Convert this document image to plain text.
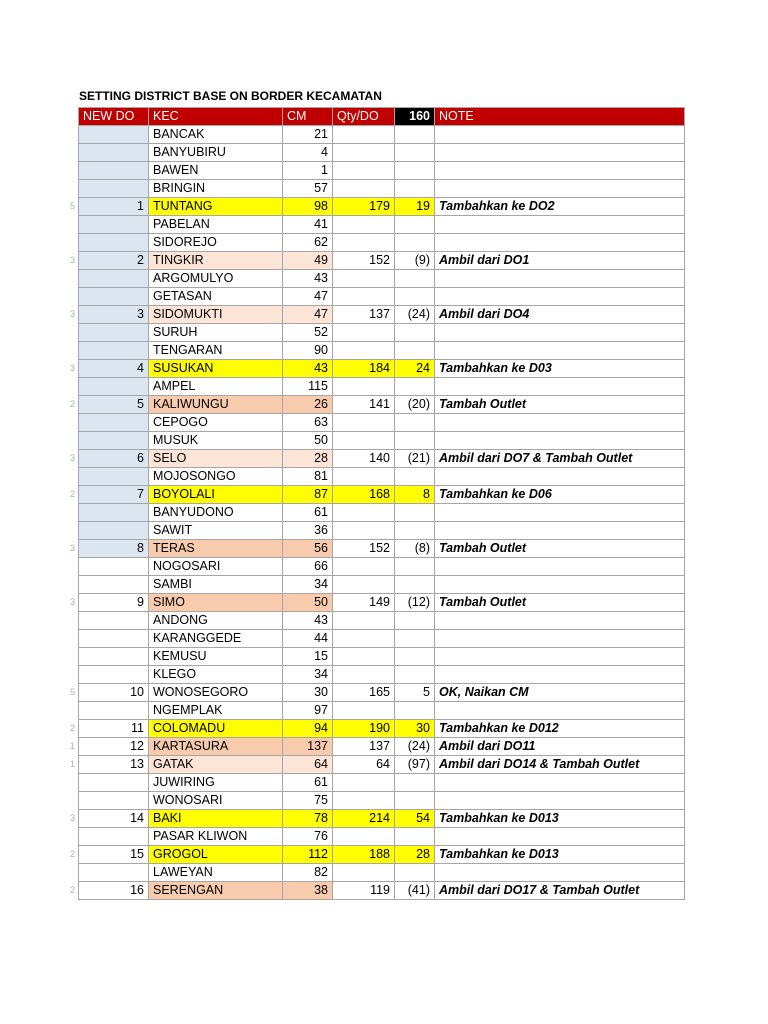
SETTING DISTRICT BASE ON BORDER KECAMATAN
NEW DO	KEC	CM	Qty/DO	160	NOTE
	BANCAK	21			
	BANYUBIRU	4			
	BAWEN	1			
	BRINGIN	57			
1	TUNTANG	98	179	19	Tambahkan ke DO2
	PABELAN	41			
	SIDOREJO	62			
2	TINGKIR	49	152	(9)	Ambil dari DO1
	ARGOMULYO	43			
	GETASAN	47			
3	SIDOMUKTI	47	137	(24)	Ambil dari DO4
	SURUH	52			
	TENGARAN	90			
4	SUSUKAN	43	184	24	Tambahkan ke D03
	AMPEL	115			
5	KALIWUNGU	26	141	(20)	Tambah Outlet
	CEPOGO	63			
	MUSUK	50			
6	SELO	28	140	(21)	Ambil dari DO7 & Tambah Outlet
	MOJOSONGO	81			
7	BOYOLALI	87	168	8	Tambahkan ke D06
	BANYUDONO	61			
	SAWIT	36			
8	TERAS	56	152	(8)	Tambah Outlet
	NOGOSARI	66			
	SAMBI	34			
9	SIMO	50	149	(12)	Tambah Outlet
	ANDONG	43			
	KARANGGEDE	44			
	KEMUSU	15			
	KLEGO	34			
10	WONOSEGORO	30	165	5	OK, Naikan CM
	NGEMPLAK	97			
11	COLOMADU	94	190	30	Tambahkan ke D012
12	KARTASURA	137	137	(24)	Ambil dari DO11
13	GATAK	64	64	(97)	Ambil dari DO14 & Tambah Outlet
	JUWIRING	61			
	WONOSARI	75			
14	BAKI	78	214	54	Tambahkan ke D013
	PASAR KLIWON	76			
15	GROGOL	112	188	28	Tambahkan ke D013
	LAWEYAN	82			
16	SERENGAN	38	119	(41)	Ambil dari DO17 & Tambah Outlet
5
3
3
3
2
3
2
3
3
5
2
1
1
3
2
2
